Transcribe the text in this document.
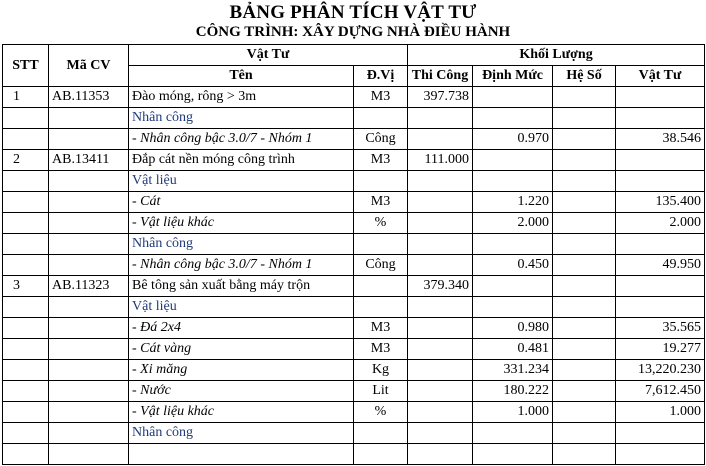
BẢNG PHÂN TÍCH VẬT TƯ
CÔNG TRÌNH: XÂY DỰNG NHÀ ĐIỀU HÀNH
STT	Mã CV	Vật Tư		Khối Lượng			
		Tên	Đ.Vị	Thi Công	Định Mức	Hệ Số	Vật Tư
1	AB.11353	Đào móng, rông > 3m	M3	397.738			
		Nhân công					
		- Nhân công bậc 3.0/7 - Nhóm 1	Công		0.970		38.546
2	AB.13411	Đắp cát nền móng công trình	M3	111.000			
		Vật liệu					
		- Cát	M3		1.220		135.400
		- Vật liệu khác	%		2.000		2.000
		Nhân công					
		- Nhân công bậc 3.0/7 - Nhóm 1	Công		0.450		49.950
3	AB.11323	Bê tông sản xuất bằng máy trộn		379.340			
		Vật liệu					
		- Đá 2x4	M3		0.980		35.565
		- Cát vàng	M3		0.481		19.277
		- Xi măng	Kg		331.234		13,220.230
		- Nước	Lit		180.222		7,612.450
		- Vật liệu khác	%		1.000		1.000
		Nhân công					
